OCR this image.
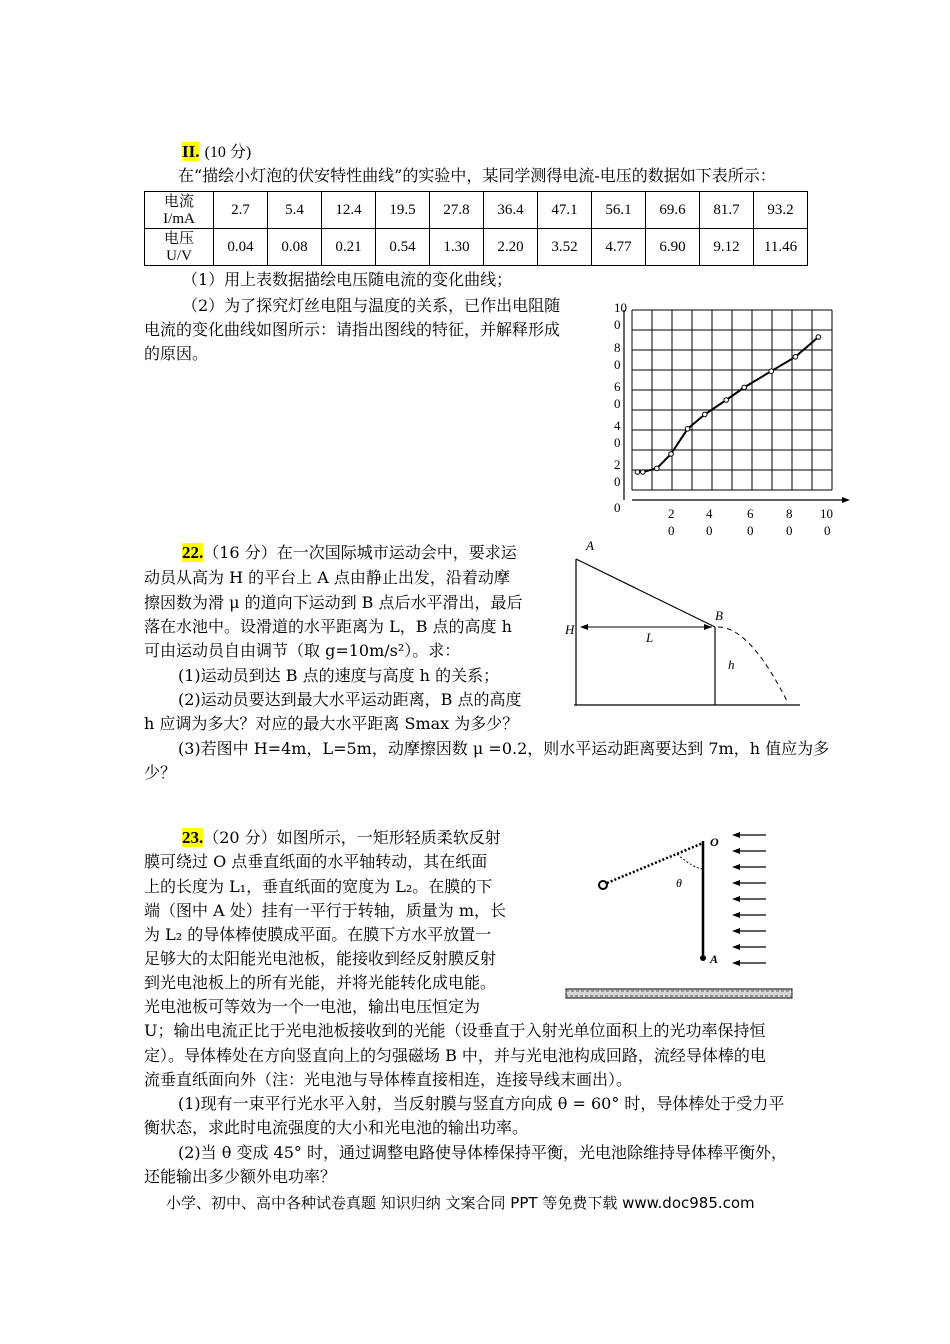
II. (10 分)
在“描绘小灯泡的伏安特性曲线”的实验中，某同学测得电流-电压的数据如下表所示：
电流
I/mA	2.7	5.4	12.4	19.5	27.8	36.4	47.1	56.1	69.6	81.7	93.2
电压
U/V	0.04	0.08	0.21	0.54	1.30	2.20	3.52	4.77	6.90	9.12	11.46
（1）用上表数据描绘电压随电流的变化曲线；
（2）为了探究灯丝电阻与温度的关系，已作出电阻随
电流的变化曲线如图所示：请指出图线的特征，并解释形成
的原因。
10
0
8
0
6
0
4
0
2
0
0	2
0
4
0
6
0
8
0
10
0
22.（16 分）在一次国际城市运动会中，要求运
动员从高为 H 的平台上 A 点由静止出发，沿着动摩
擦因数为滑 μ 的道向下运动到 B 点后水平滑出，最后
落在水池中。设滑道的水平距离为 L，B 点的高度 h
可由运动员自由调节（取 g=10m/s²）。求：
(1)运动员到达 B 点的速度与高度 h 的关系；
(2)运动员要达到最大水平运动距离，B 点的高度
h 应调为多大？对应的最大水平距离 Smax 为多少？
(3)若图中 H=4m，L=5m，动摩擦因数 μ =0.2，则水平运动距离要达到 7m，h 值应为多
少？
A
L
H
B
h
23.（20 分）如图所示，一矩形轻质柔软反射
膜可绕过 O 点垂直纸面的水平轴转动，其在纸面
上的长度为 L₁，垂直纸面的宽度为 L₂。在膜的下
端（图中 A 处）挂有一平行于转轴，质量为 m，长
为 L₂ 的导体棒使膜成平面。在膜下方水平放置一
足够大的太阳能光电池板，能接收到经反射膜反射
到光电池板上的所有光能，并将光能转化成电能。
光电池板可等效为一个一电池，输出电压恒定为
U；输出电流正比于光电池板接收到的光能（设垂直于入射光单位面积上的光功率保持恒
定）。导体棒处在方向竖直向上的匀强磁场 B 中，并与光电池构成回路，流经导体棒的电
流垂直纸面向外（注：光电池与导体棒直接相连，连接导线末画出）。
(1)现有一束平行光水平入射，当反射膜与竖直方向成 θ = 60° 时，导体棒处于受力平
衡状态，求此时电流强度的大小和光电池的输出功率。
(2)当 θ 变成 45° 时，通过调整电路使导体棒保持平衡，光电池除维持导体棒平衡外，
还能输出多少额外电功率？
O
θ
A
小学、初中、高中各种试卷真题 知识归纳 文案合同 PPT 等免费下载 www.doc985.com
